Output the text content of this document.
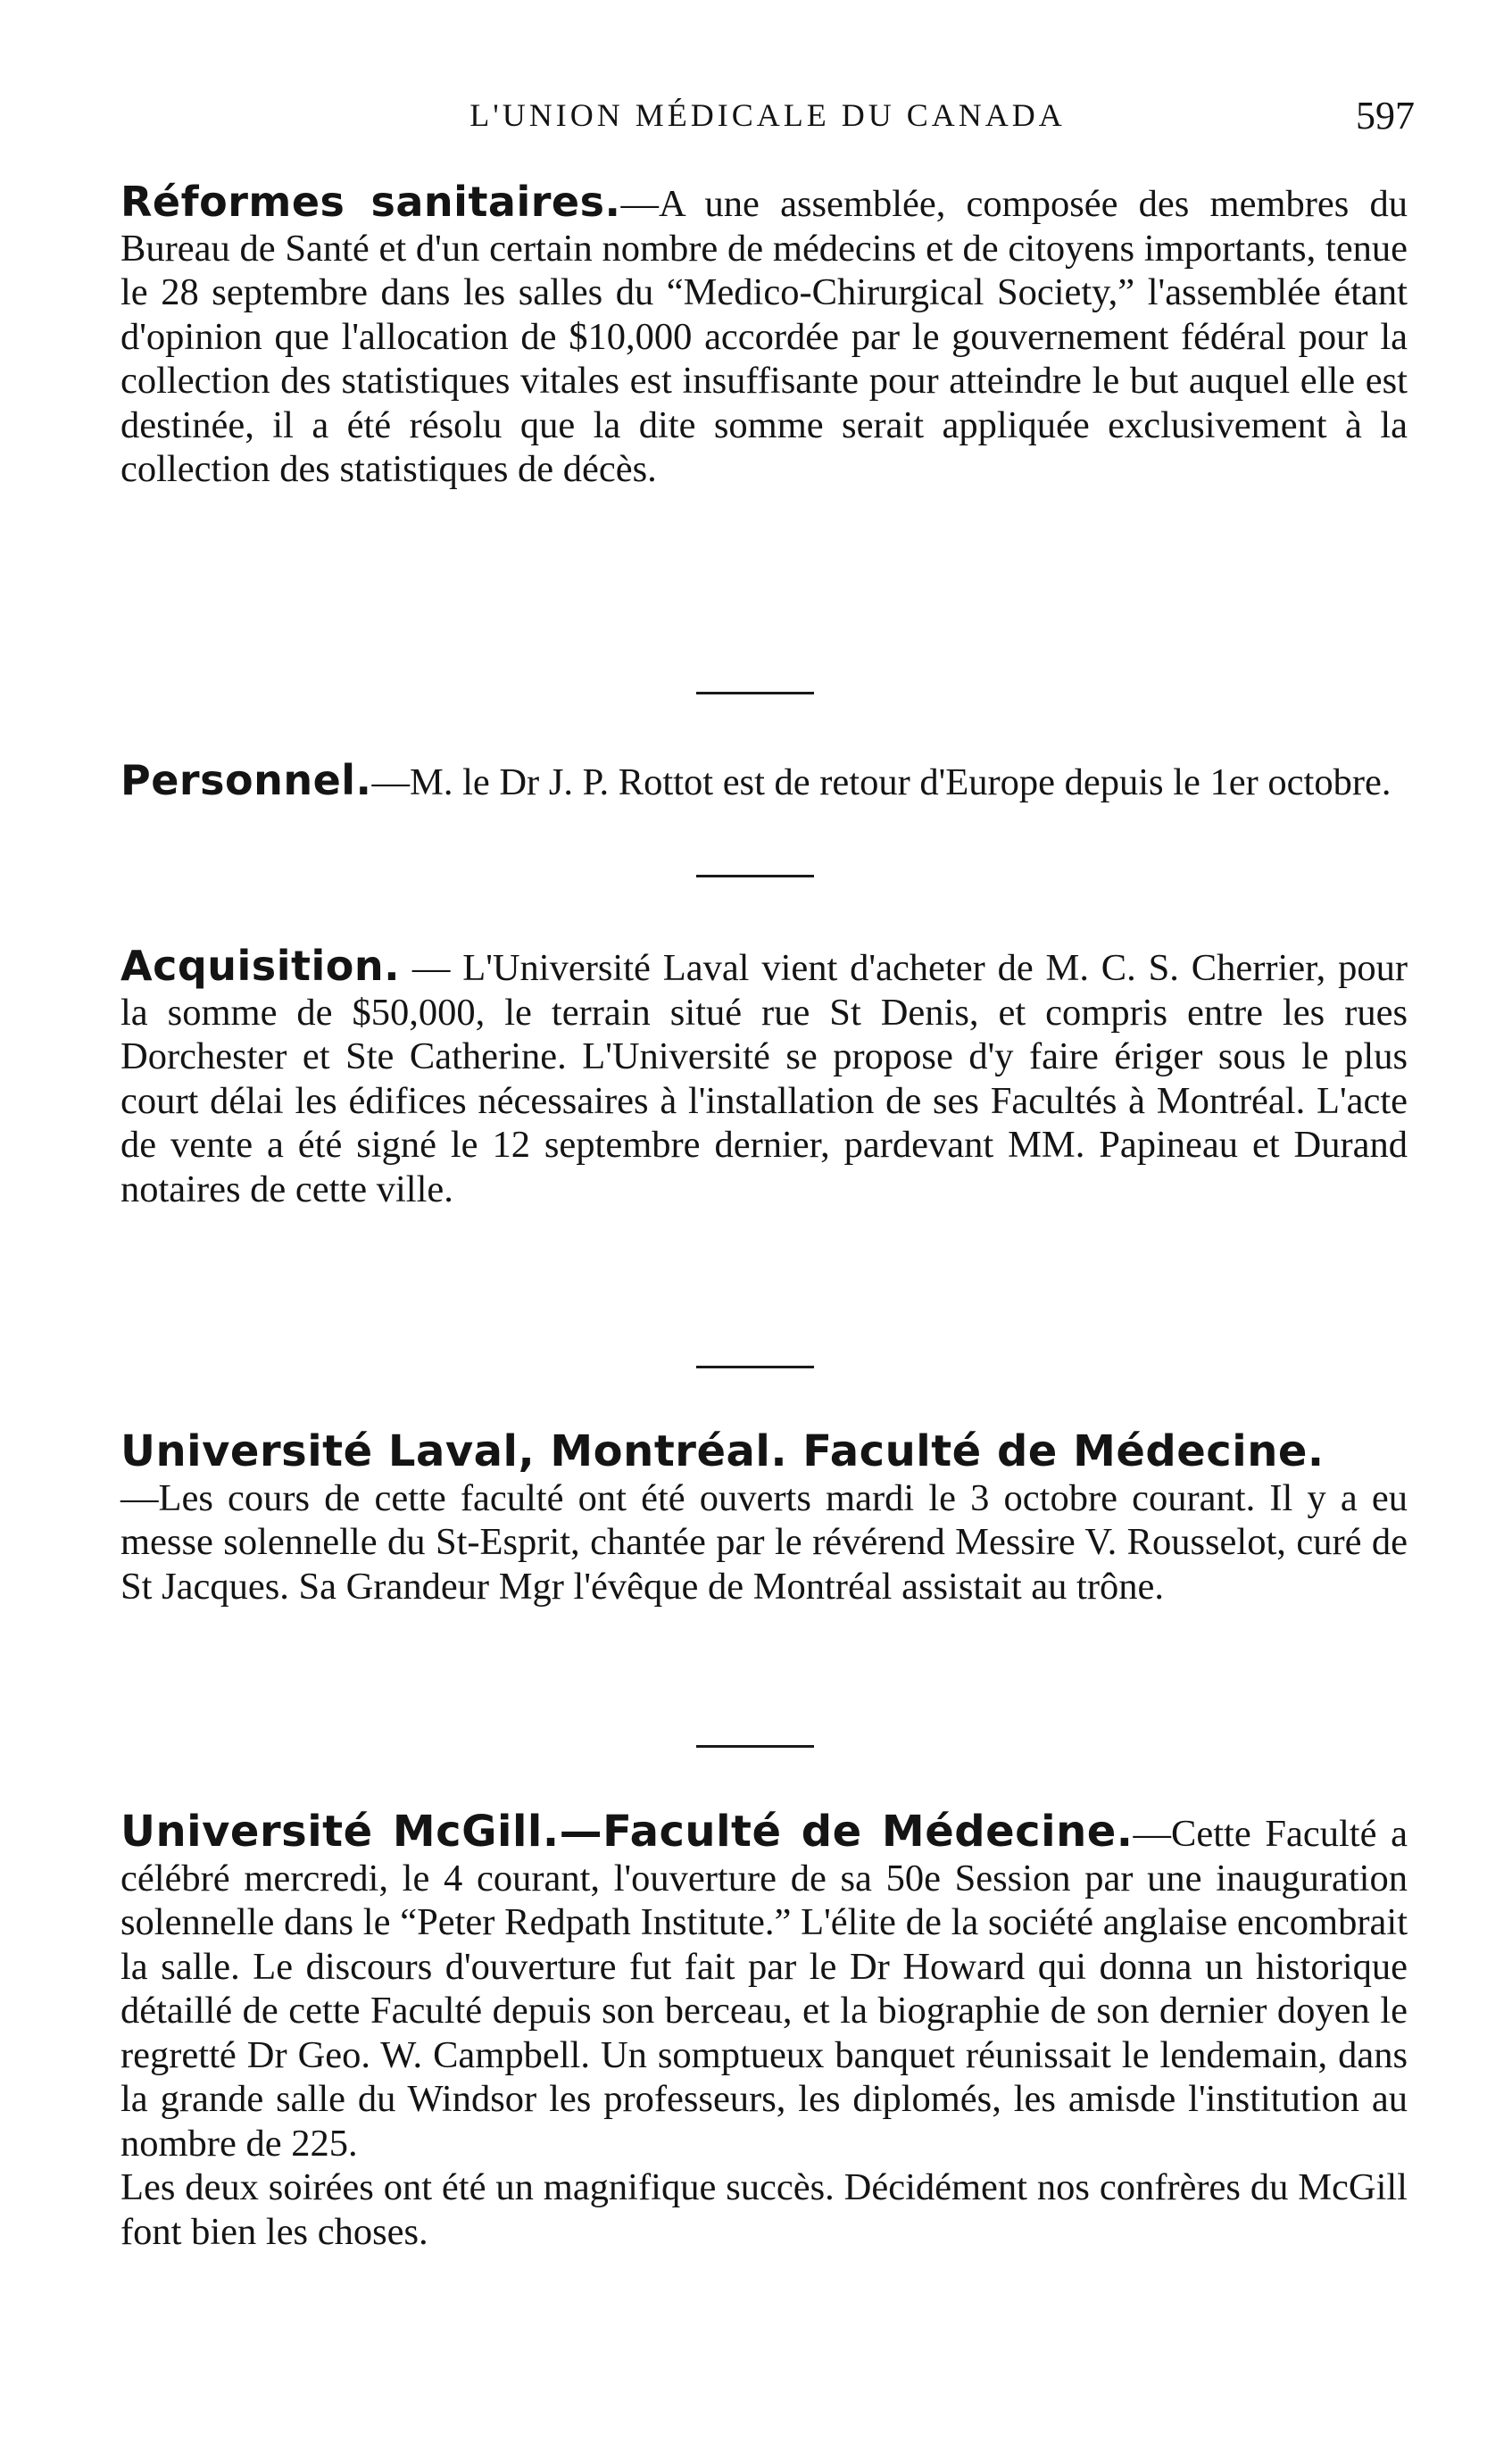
L'UNION MÉDICALE DU CANADA	597

Réformes sanitaires.—A une assemblée, composée des membres du Bureau de Santé et d'un certain nombre de médecins et de citoyens importants, tenue le 28 septembre dans les salles du “Medico-Chirurgical Society,” l'assemblée étant d'opinion que l'allocation de $10,000 accordée par le gouvernement fédéral pour la collection des statistiques vitales est insuffisante pour atteindre le but auquel elle est destinée, il a été résolu que la dite somme serait appliquée exclusivement à la collection des statistiques de décès.

Personnel.—M. le Dr J. P. Rottot est de retour d'Europe depuis le 1er octobre.

Acquisition. — L'Université Laval vient d'acheter de M. C. S. Cherrier, pour la somme de $50,000, le terrain situé rue St Denis, et compris entre les rues Dorchester et Ste Catherine. L'Université se propose d'y faire ériger sous le plus court délai les édifices nécessaires à l'installation de ses Facultés à Montréal. L'acte de vente a été signé le 12 septembre dernier, pardevant MM. Papineau et Durand notaires de cette ville.

Université Laval, Montréal. Faculté de Médecine.

—Les cours de cette faculté ont été ouverts mardi le 3 octobre courant. Il y a eu messe solennelle du St-Esprit, chantée par le révérend Messire V. Rousselot, curé de St Jacques. Sa Grandeur Mgr l'évêque de Montréal assistait au trône.

Université McGill.—Faculté de Médecine.—Cette Faculté a célébré mercredi, le 4 courant, l'ouverture de sa 50e Session par une inauguration solennelle dans le “Peter Redpath Institute.” L'élite de la société anglaise encombrait la salle. Le discours d'ouverture fut fait par le Dr Howard qui donna un historique détaillé de cette Faculté depuis son berceau, et la biographie de son dernier doyen le regretté Dr Geo. W. Campbell. Un somptueux banquet réunissait le lendemain, dans la grande salle du Windsor les professeurs, les diplomés, les amisde l'institution au nombre de 225.

Les deux soirées ont été un magnifique succès. Décidément nos confrères du McGill font bien les choses.
